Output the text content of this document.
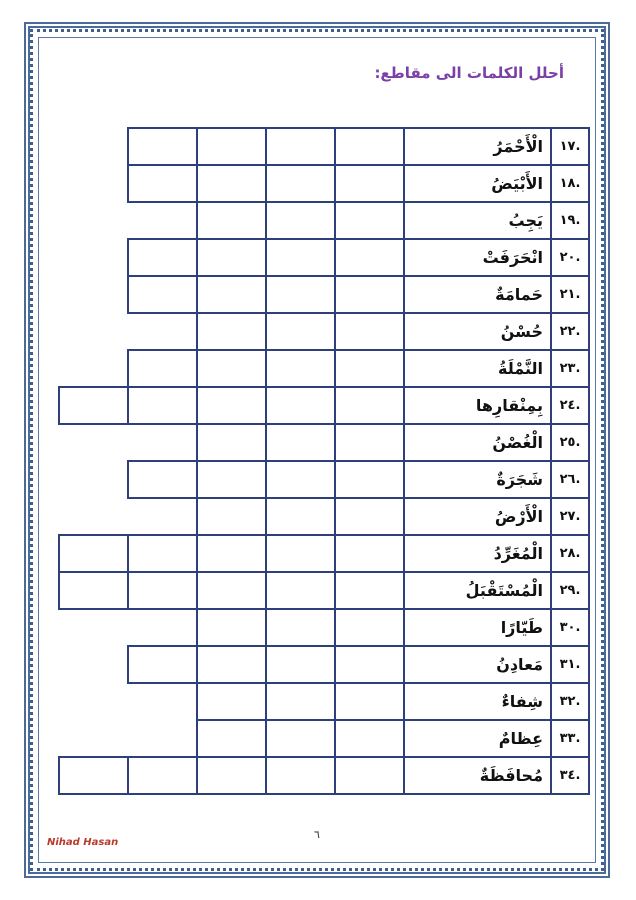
أحلل الكلمات الى مقاطع:
					الْأَحْمَرُ	.١٧
					الأَبْيَضُ	.١٨
					يَجِبُ	.١٩
					انْحَرَفَتْ	.٢٠
					حَمامَةٌ	.٢١
					حُسْنُ	.٢٢
					النَّمْلَةُ	.٢٣
					بِمِنْقارِها	.٢٤
					الْغُصْنُ	.٢٥
					شَجَرَةٌ	.٢٦
					الْأَرْضُ	.٢٧
					الْمُغَرِّدُ	.٢٨
					الْمُسْتَقْبَلُ	.٢٩
					طَيّارًا	.٣٠
					مَعادِنُ	.٣١
					شِفاءٌ	.٣٢
					عِظامٌ	.٣٣
					مُحافَظَةٌ	.٣٤
Nihad Hasan
٦
